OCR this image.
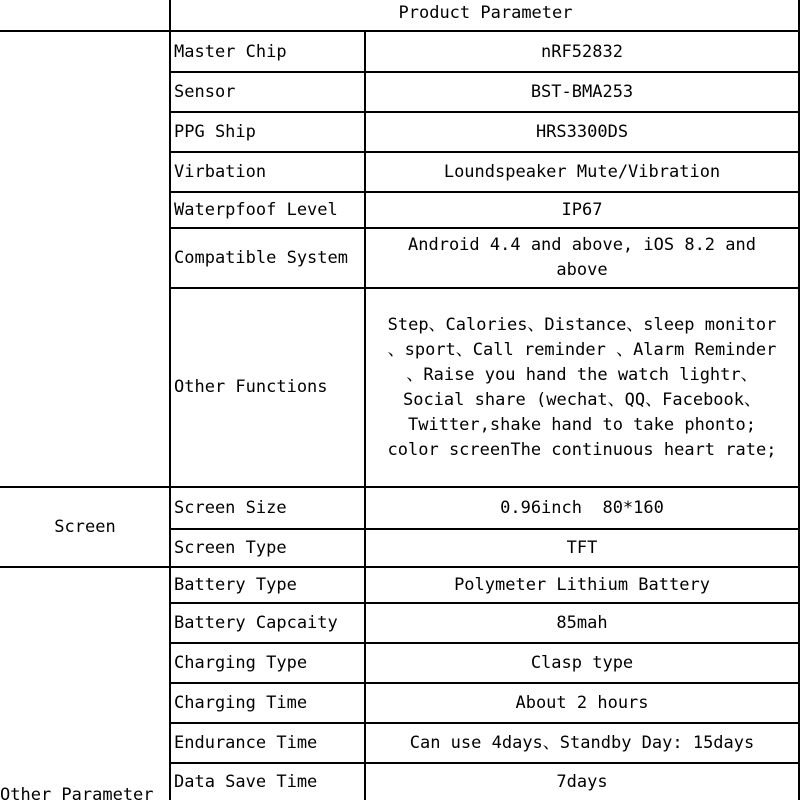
Product Parameter
Screen
Other Parameter
Master Chip
Sensor
PPG Ship
Virbation
Waterpfoof Level
Compatible System
Other Functions
Screen Size
Screen Type
Battery Type
Battery Capcaity
Charging Type
Charging Time
Endurance Time
Data Save Time
nRF52832
BST-BMA253
HRS3300DS
Loundspeaker Mute/Vibration
IP67
Android 4.4 and above, iOS 8.2 and
above
Step、Calories、Distance、sleep monitor
、sport、Call reminder 、Alarm Reminder
、Raise you hand the watch lightr、
Social share (wechat、QQ、Facebook、
Twitter,shake hand to take phonto;
color screenThe continuous heart rate;
0.96inch  80*160
TFT
Polymeter Lithium Battery
85mah
Clasp type
About 2 hours
Can use 4days、Standby Day: 15days
7days
